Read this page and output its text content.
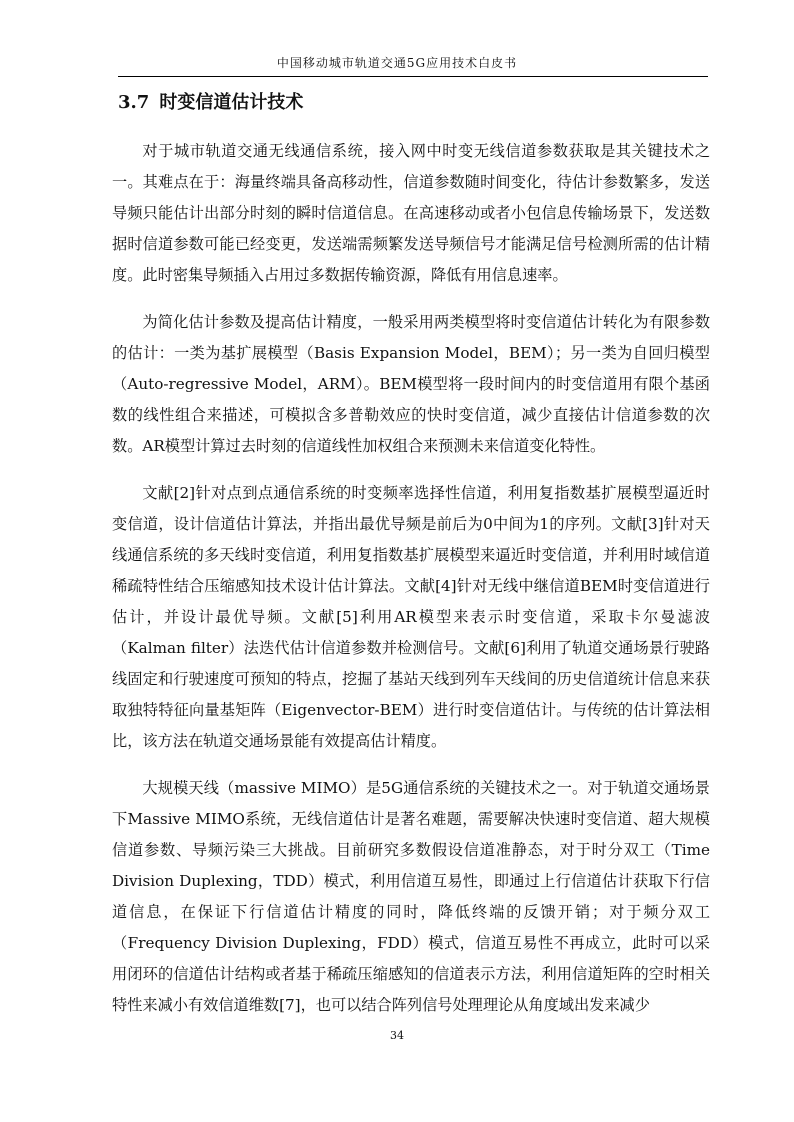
中国移动城市轨道交通5G应用技术白皮书
3.7 时变信道估计技术

对于城市轨道交通无线通信系统，接入网中时变无线信道参数获取是其关键技术之一。其难点在于：海量终端具备高移动性，信道参数随时间变化，待估计参数繁多，发送导频只能估计出部分时刻的瞬时信道信息。在高速移动或者小包信息传输场景下，发送数据时信道参数可能已经变更，发送端需频繁发送导频信号才能满足信号检测所需的估计精度。此时密集导频插入占用过多数据传输资源，降低有用信息速率。

为简化估计参数及提高估计精度，一般采用两类模型将时变信道估计转化为有限参数的估计：一类为基扩展模型（Basis Expansion Model，BEM）；另一类为自回归模型（Auto-regressive Model，ARM）。BEM模型将一段时间内的时变信道用有限个基函数的线性组合来描述，可模拟含多普勒效应的快时变信道，减少直接估计信道参数的次数。AR模型计算过去时刻的信道线性加权组合来预测未来信道变化特性。

文献[2]针对点到点通信系统的时变频率选择性信道，利用复指数基扩展模型逼近时变信道，设计信道估计算法，并指出最优导频是前后为0中间为1的序列。文献[3]针对天线通信系统的多天线时变信道，利用复指数基扩展模型来逼近时变信道，并利用时域信道稀疏特性结合压缩感知技术设计估计算法。文献[4]针对无线中继信道BEM时变信道进行估计，并设计最优导频。文献[5]利用AR模型来表示时变信道，采取卡尔曼滤波（Kalman filter）法迭代估计信道参数并检测信号。文献[6]利用了轨道交通场景行驶路线固定和行驶速度可预知的特点，挖掘了基站天线到列车天线间的历史信道统计信息来获取独特特征向量基矩阵（Eigenvector-BEM）进行时变信道估计。与传统的估计算法相比，该方法在轨道交通场景能有效提高估计精度。

大规模天线（massive MIMO）是5G通信系统的关键技术之一。对于轨道交通场景下Massive MIMO系统，无线信道估计是著名难题，需要解决快速时变信道、超大规模信道参数、导频污染三大挑战。目前研究多数假设信道准静态，对于时分双工（Time Division Duplexing，TDD）模式，利用信道互易性，即通过上行信道估计获取下行信道信息，在保证下行信道估计精度的同时，降低终端的反馈开销；对于频分双工（Frequency Division Duplexing，FDD）模式，信道互易性不再成立，此时可以采用闭环的信道估计结构或者基于稀疏压缩感知的信道表示方法，利用信道矩阵的空时相关特性来减小有效信道维数[7]，也可以结合阵列信号处理理论从角度域出发来减少

34
